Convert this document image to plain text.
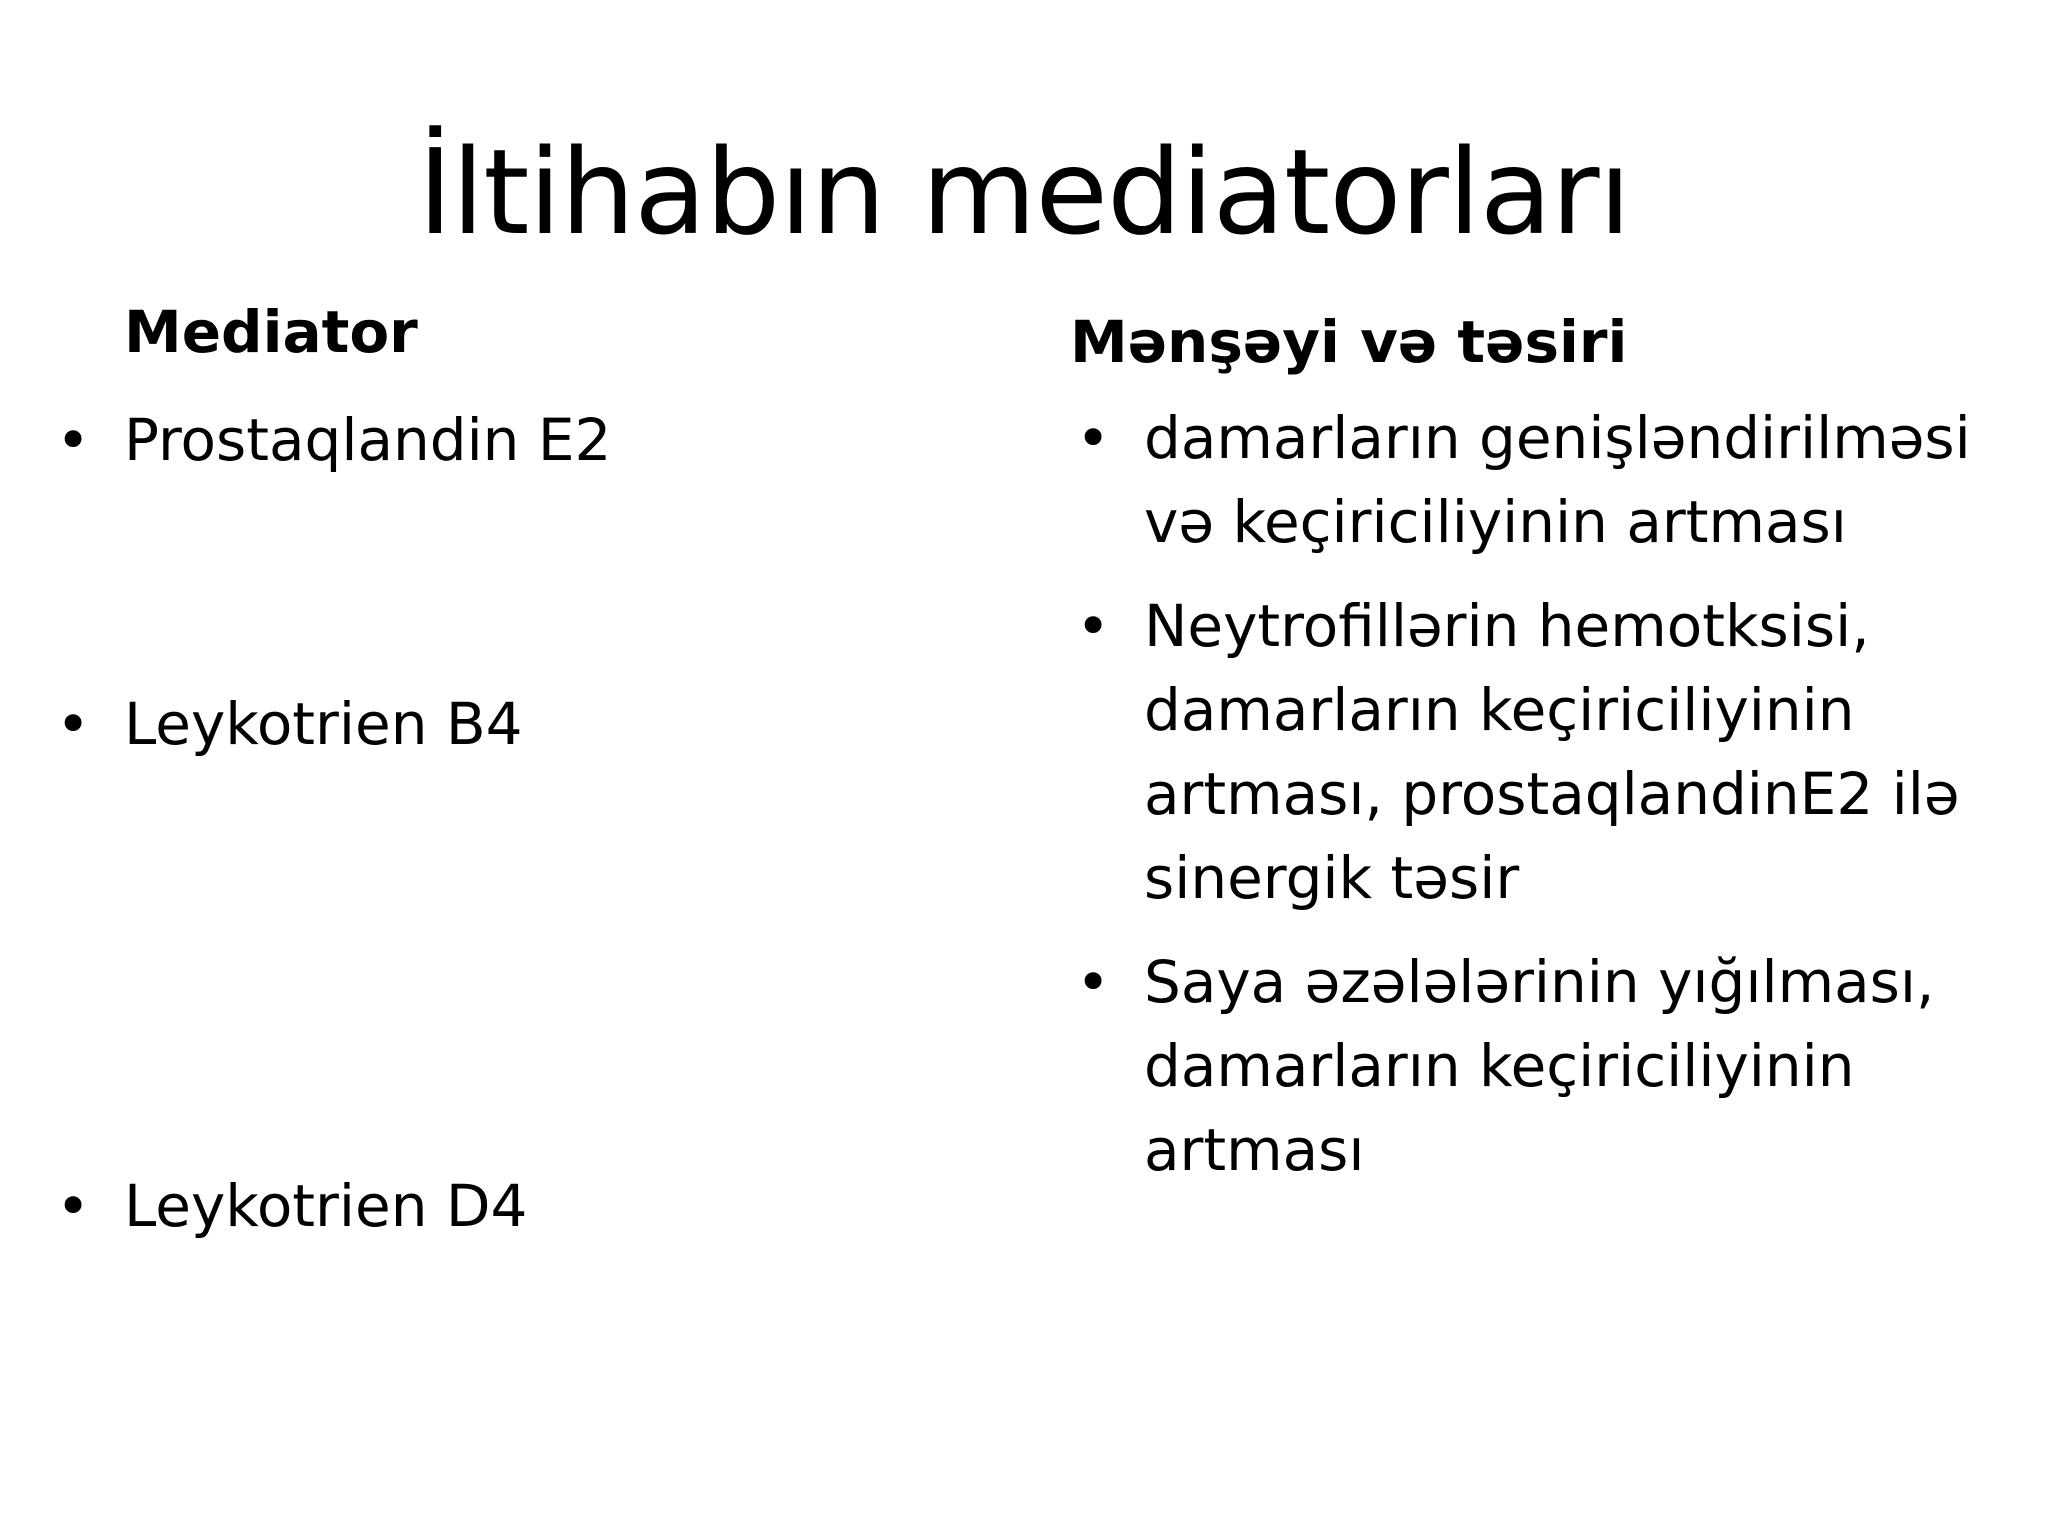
İltihabın mediatorları
Mediator	Mənşəyi və təsiri
• Prostaqlandin E2
• Leykotrien B4
• Leykotrien D4
• damarların genişləndirilməsi və keçiriciliyinin artması
• Neytrofillərin hemotksisi, damarların keçiriciliyinin artması, prostaqlandinE2 ilə sinergik təsir
• Saya əzələlərinin yığılması, damarların keçiriciliyinin artması
